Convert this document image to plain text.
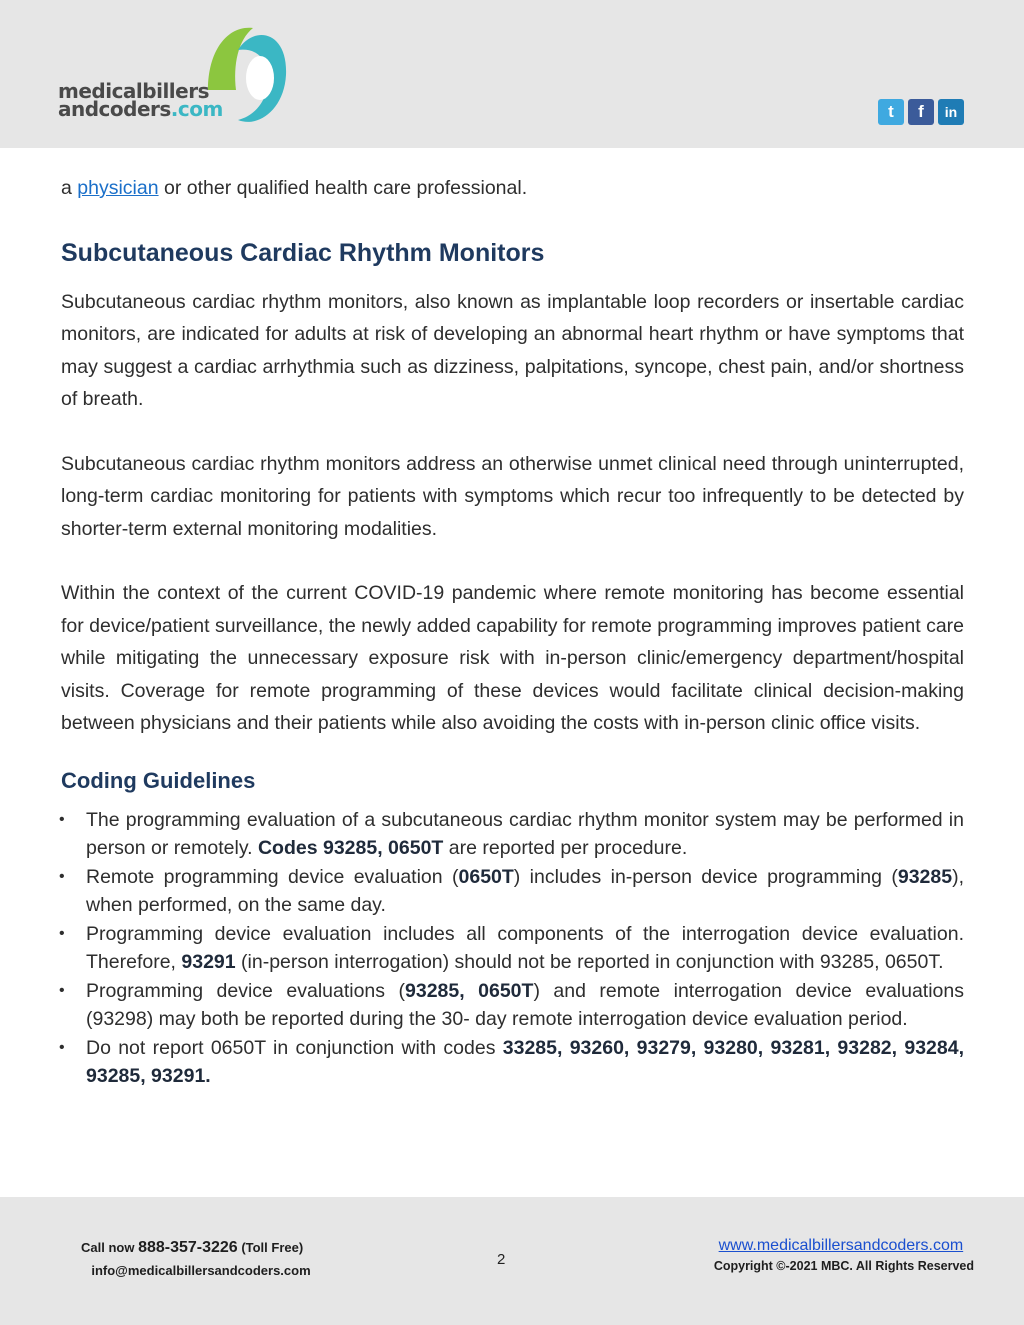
medicalbillers
andcoders.com	t	f	in

a physician or other qualified health care professional.

Subcutaneous Cardiac Rhythm Monitors

Subcutaneous cardiac rhythm monitors, also known as implantable loop recorders or insertable cardiac monitors, are indicated for adults at risk of developing an abnormal heart rhythm or have symptoms that may suggest a cardiac arrhythmia such as dizziness, palpitations, syncope, chest pain, and/or shortness of breath.

Subcutaneous cardiac rhythm monitors address an otherwise unmet clinical need through uninterrupted, long-term cardiac monitoring for patients with symptoms which recur too infrequently to be detected by shorter-term external monitoring modalities.

Within the context of the current COVID-19 pandemic where remote monitoring has become essential for device/patient surveillance, the newly added capability for remote programming improves patient care while mitigating the unnecessary exposure risk with in-person clinic/emergency department/hospital visits. Coverage for remote programming of these devices would facilitate clinical decision-making between physicians and their patients while also avoiding the costs with in-person clinic office visits.

Coding Guidelines
• The programming evaluation of a subcutaneous cardiac rhythm monitor system may be performed in person or remotely. Codes 93285, 0650T are reported per procedure.
• Remote programming device evaluation (0650T) includes in-person device programming (93285), when performed, on the same day.
• Programming device evaluation includes all components of the interrogation device evaluation. Therefore, 93291 (in-person interrogation) should not be reported in conjunction with 93285, 0650T.
• Programming device evaluations (93285, 0650T) and remote interrogation device evaluations (93298) may both be reported during the 30- day remote interrogation device evaluation period.
• Do not report 0650T in conjunction with codes 33285, 93260, 93279, 93280, 93281, 93282, 93284, 93285, 93291.
Call now 888-357-3226 (Toll Free)
info@medicalbillersandcoders.com
2
www.medicalbillersandcoders.com
Copyright ©-2021 MBC. All Rights Reserved
